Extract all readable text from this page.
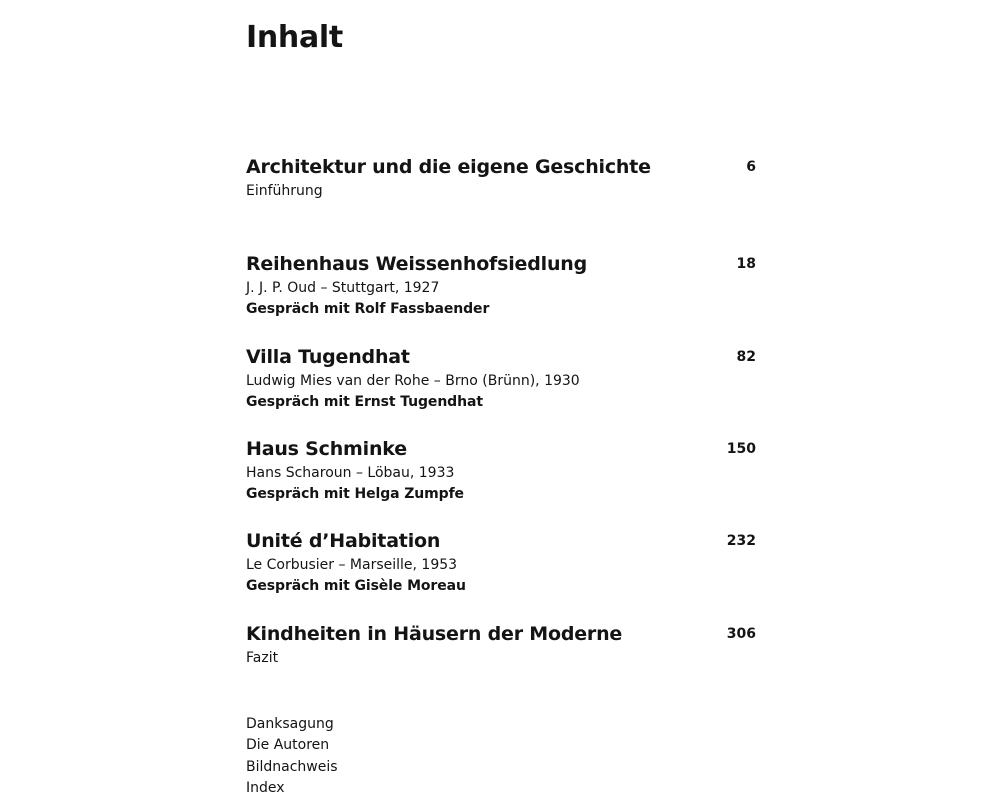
Inhalt
Architektur und die eigene Geschichte
Einführung
6
Reihenhaus Weissenhofsiedlung
J. J. P. Oud – Stuttgart, 1927
Gespräch mit Rolf Fassbaender
18
Villa Tugendhat
Ludwig Mies van der Rohe – Brno (Brünn), 1930
Gespräch mit Ernst Tugendhat
82
Haus Schminke
Hans Scharoun – Löbau, 1933
Gespräch mit Helga Zumpfe
150
Unité d’Habitation
Le Corbusier – Marseille, 1953
Gespräch mit Gisèle Moreau
232
Kindheiten in Häusern der Moderne
Fazit
306
Danksagung
Die Autoren
Bildnachweis
Index
